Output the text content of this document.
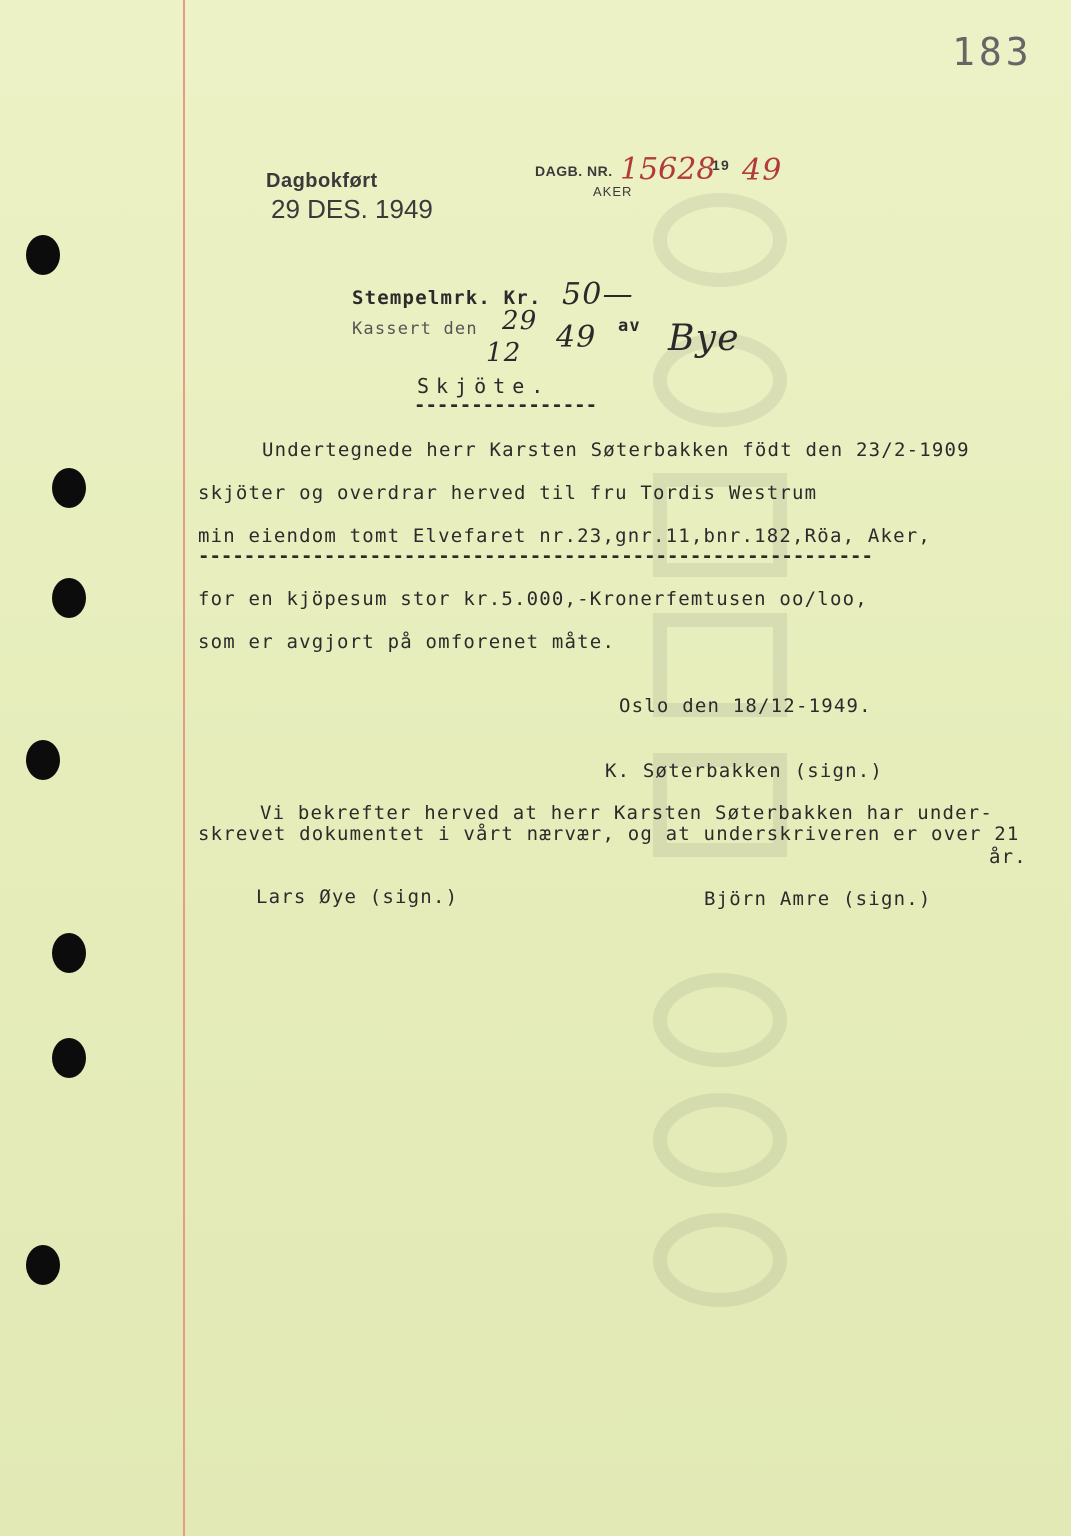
183
Dagbokført
29 DES. 1949
DAGB. NR. 15628
19 49
AKER
Stempelmrk. Kr. 50—
Kassert den 29
12 49 av Bye
Skjöte.
----------------
Undertegnede herr Karsten Søterbakken födt den 23/2-1909
skjöter og overdrar herved til fru Tordis Westrum
min eiendom tomt Elvefaret nr.23,gnr.11,bnr.182,Röa, Aker,
-----------------------------------------------------------
for en kjöpesum stor kr.5.000,-Kronerfemtusen oo/loo,
som er avgjort på omforenet måte.
Oslo den 18/12-1949.
K. Søterbakken (sign.)
Vi bekrefter herved at herr Karsten Søterbakken har under-
skrevet dokumentet i vårt nærvær, og at underskriveren er over 21
år.
Lars Øye (sign.)	Björn Amre (sign.)
